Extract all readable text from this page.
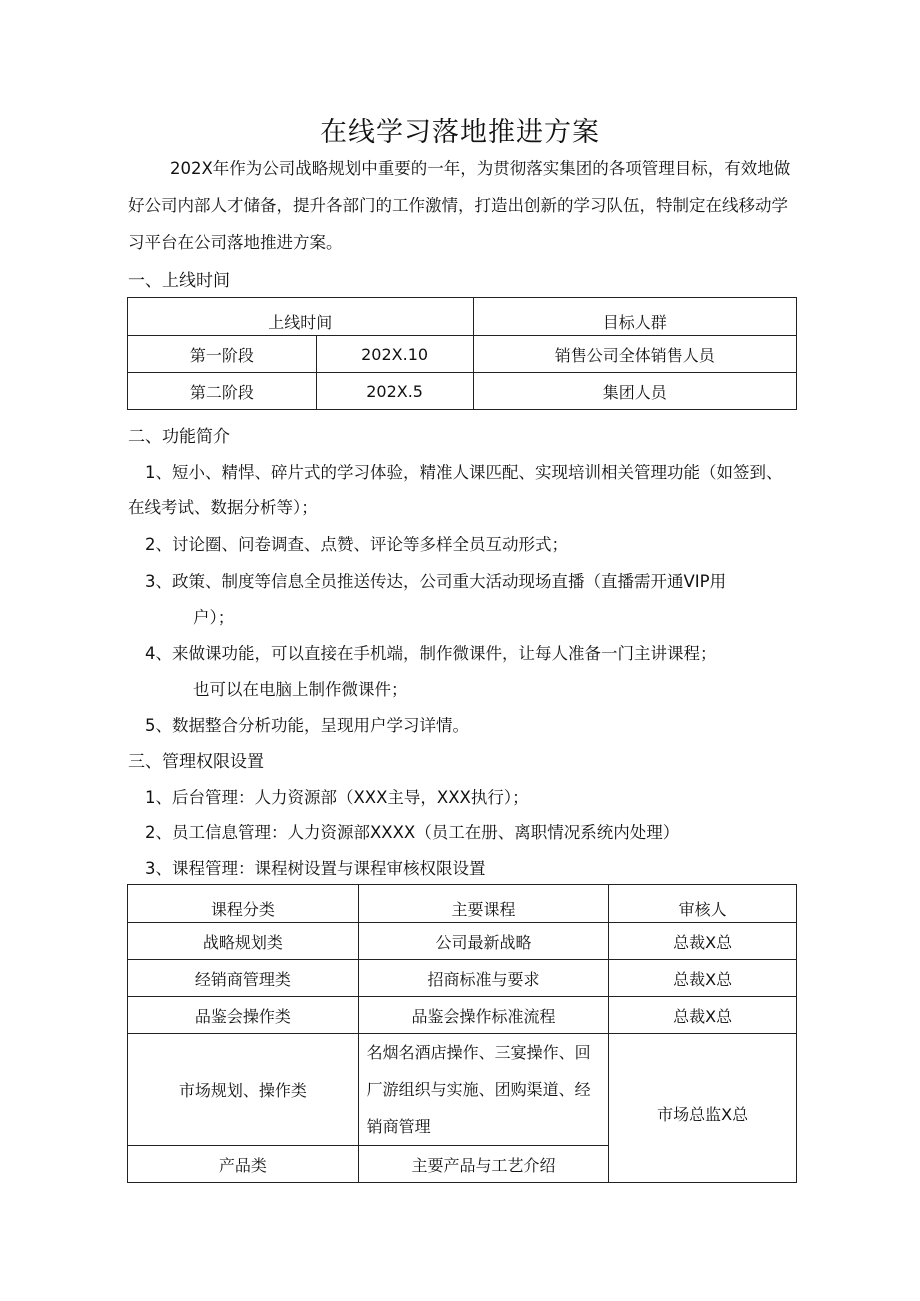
在线学习落地推进方案
202X年作为公司战略规划中重要的一年，为贯彻落实集团的各项管理目标，有效地做
好公司内部人才储备，提升各部门的工作激情，打造出创新的学习队伍，特制定在线移动学
习平台在公司落地推进方案。
一、上线时间
上线时间		目标人群
第一阶段	202X.10	销售公司全体销售人员
第二阶段	202X.5	集团人员
二、功能简介
1、短小、精悍、碎片式的学习体验，精准人课匹配、实现培训相关管理功能（如签到、
在线考试、数据分析等）；
2、讨论圈、问卷调查、点赞、评论等多样全员互动形式；
3、政策、制度等信息全员推送传达，公司重大活动现场直播（直播需开通VIP用
户）；
4、来做课功能，可以直接在手机端，制作微课件，让每人准备一门主讲课程；
也可以在电脑上制作微课件；
5、数据整合分析功能，呈现用户学习详情。
三、管理权限设置
1、后台管理：人力资源部（XXX主导，XXX执行）；
2、员工信息管理：人力资源部XXXX（员工在册、离职情况系统内处理）
3、课程管理：课程树设置与课程审核权限设置
课程分类	主要课程	审核人
战略规划类	公司最新战略	总裁X总
经销商管理类	招商标准与要求	总裁X总
品鉴会操作类	品鉴会操作标准流程	总裁X总
市场规划、操作类	名烟名酒店操作、三宴操作、回厂游组织与实施、团购渠道、经销商管理	市场总监X总
产品类	主要产品与工艺介绍	
